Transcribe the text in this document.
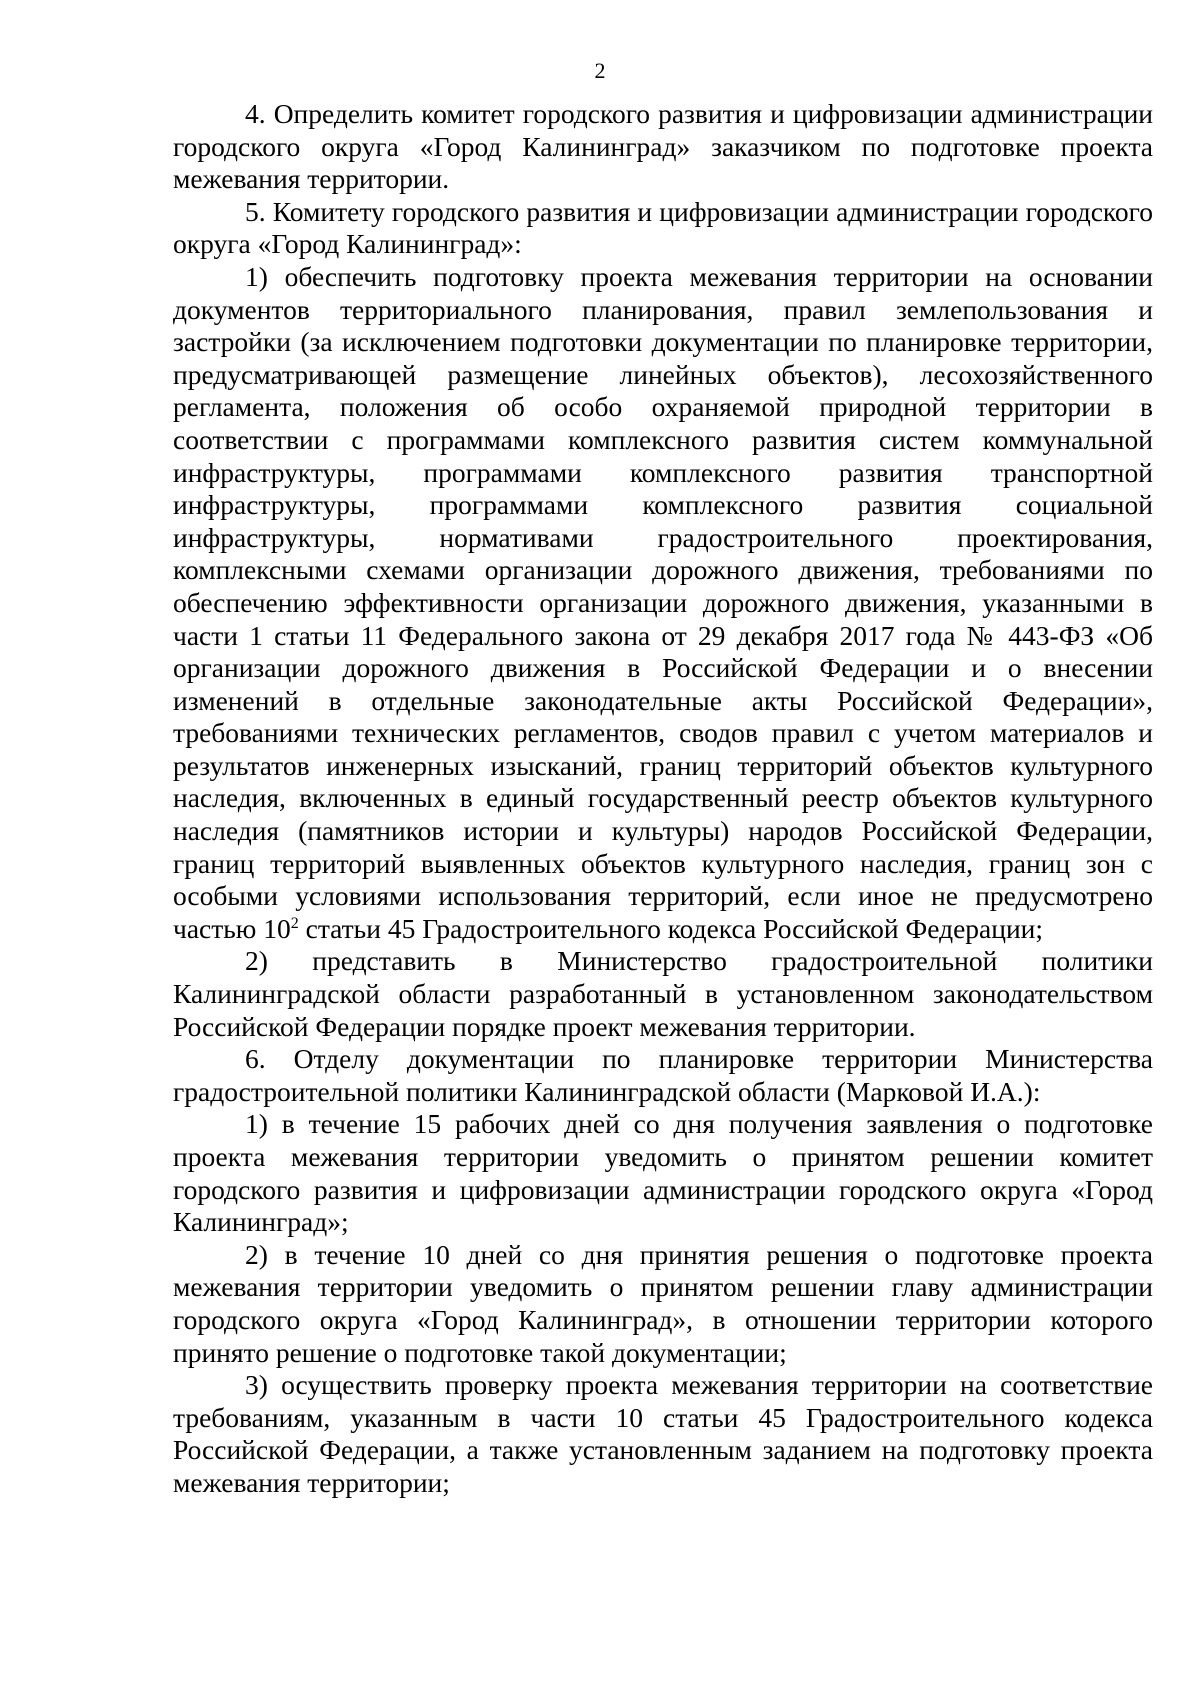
2

4. Определить комитет городского развития и цифровизации администрации городского округа «Город Калининград» заказчиком по подготовке проекта межевания территории.

5. Комитету городского развития и цифровизации администрации городского округа «Город Калининград»:

1) обеспечить подготовку проекта межевания территории на основании документов территориального планирования, правил землепользования и застройки (за исключением подготовки документации по планировке территории, предусматривающей размещение линейных объектов), лесохозяйственного регламента, положения об особо охраняемой природной территории в соответствии с программами комплексного развития систем коммунальной инфраструктуры, программами комплексного развития транспортной инфраструктуры, программами комплексного развития социальной инфраструктуры, нормативами градостроительного проектирования, комплексными схемами организации дорожного движения, требованиями по обеспечению эффективности организации дорожного движения, указанными в части 1 статьи 11 Федерального закона от 29 декабря 2017 года № 443-ФЗ «Об организации дорожного движения в Российской Федерации и о внесении изменений в отдельные законодательные акты Российской Федерации», требованиями технических регламентов, сводов правил с учетом материалов и результатов инженерных изысканий, границ территорий объектов культурного наследия, включенных в единый государственный реестр объектов культурного наследия (памятников истории и культуры) народов Российской Федерации, границ территорий выявленных объектов культурного наследия, границ зон с особыми условиями использования территорий, если иное не предусмотрено частью $10^2$ статьи 45 Градостроительного кодекса Российской Федерации;

2) представить в Министерство градостроительной политики Калининградской области разработанный в установленном законодательством Российской Федерации порядке проект межевания территории.

6. Отделу документации по планировке территории Министерства градостроительной политики Калининградской области (Марковой И.А.):

1) в течение 15 рабочих дней со дня получения заявления о подготовке проекта межевания территории уведомить о принятом решении комитет городского развития и цифровизации администрации городского округа «Город Калининград»;

2) в течение 10 дней со дня принятия решения о подготовке проекта межевания территории уведомить о принятом решении главу администрации городского округа «Город Калининград», в отношении территории которого принято решение о подготовке такой документации;

3) осуществить проверку проекта межевания территории на соответствие требованиям, указанным в части 10 статьи 45 Градостроительного кодекса Российской Федерации, а также установленным заданием на подготовку проекта межевания территории;
